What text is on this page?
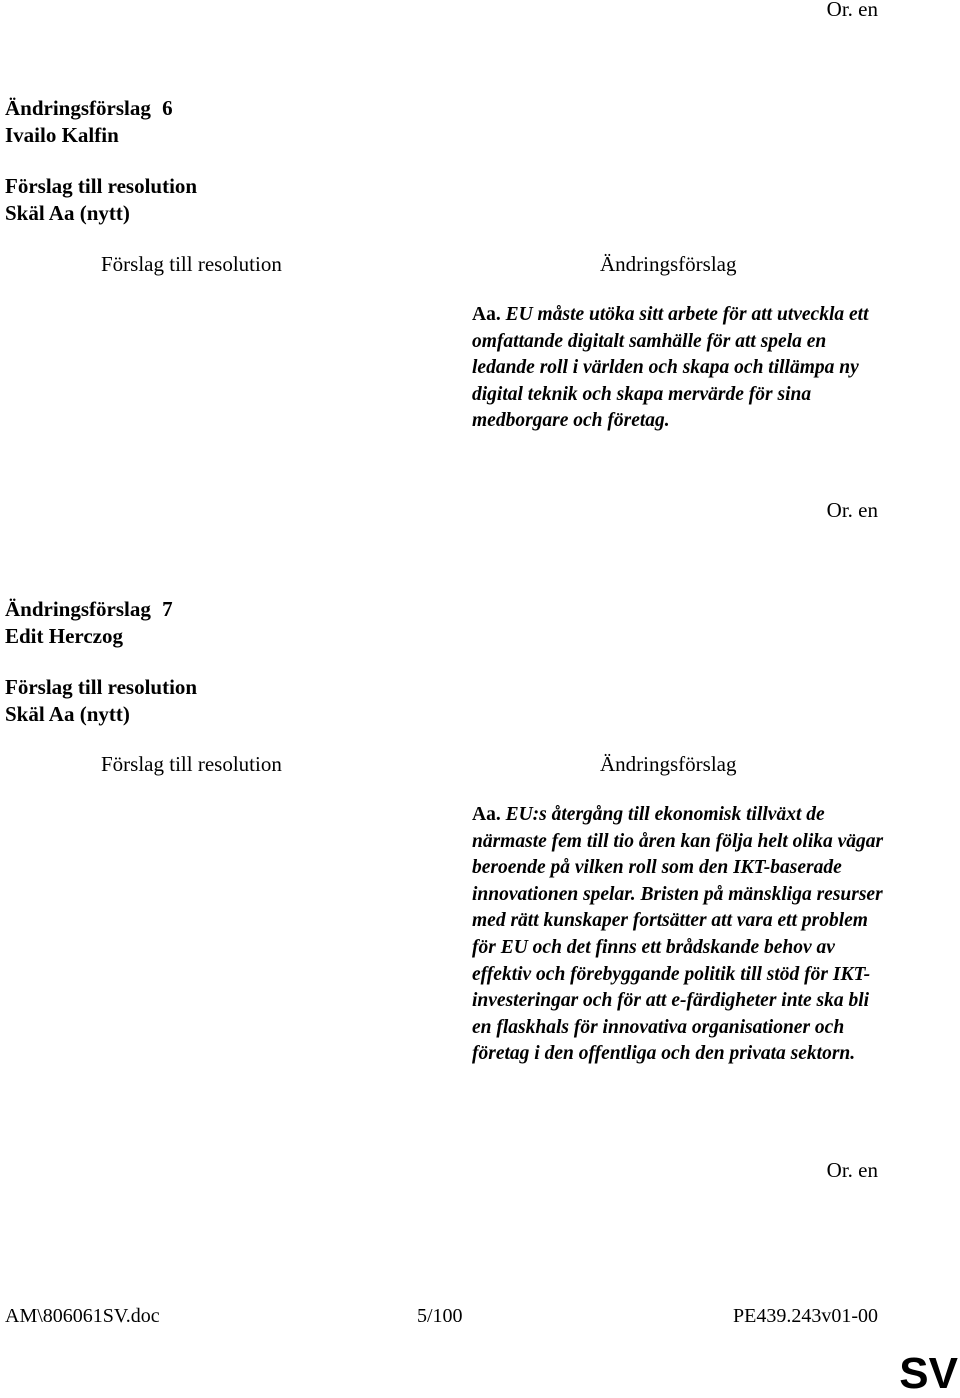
Or. en
Ändringsförslag 6
Ivailo Kalfin
Förslag till resolution
Skäl Aa (nytt)
Förslag till resolution	Ändringsförslag
Aa. EU måste utöka sitt arbete för att utveckla ett omfattande digitalt samhälle för att spela en ledande roll i världen och skapa och tillämpa ny digital teknik och skapa mervärde för sina medborgare och företag.
Or. en
Ändringsförslag 7
Edit Herczog
Förslag till resolution
Skäl Aa (nytt)
Förslag till resolution	Ändringsförslag
Aa. EU:s återgång till ekonomisk tillväxt de närmaste fem till tio åren kan följa helt olika vägar beroende på vilken roll som den IKT-baserade innovationen spelar. Bristen på mänskliga resurser med rätt kunskaper fortsätter att vara ett problem för EU och det finns ett brådskande behov av effektiv och förebyggande politik till stöd för IKT-investeringar och för att e-färdigheter inte ska bli en flaskhals för innovativa organisationer och företag i den offentliga och den privata sektorn.
Or. en
AM\806061SV.doc	5/100	PE439.243v01-00
SV
